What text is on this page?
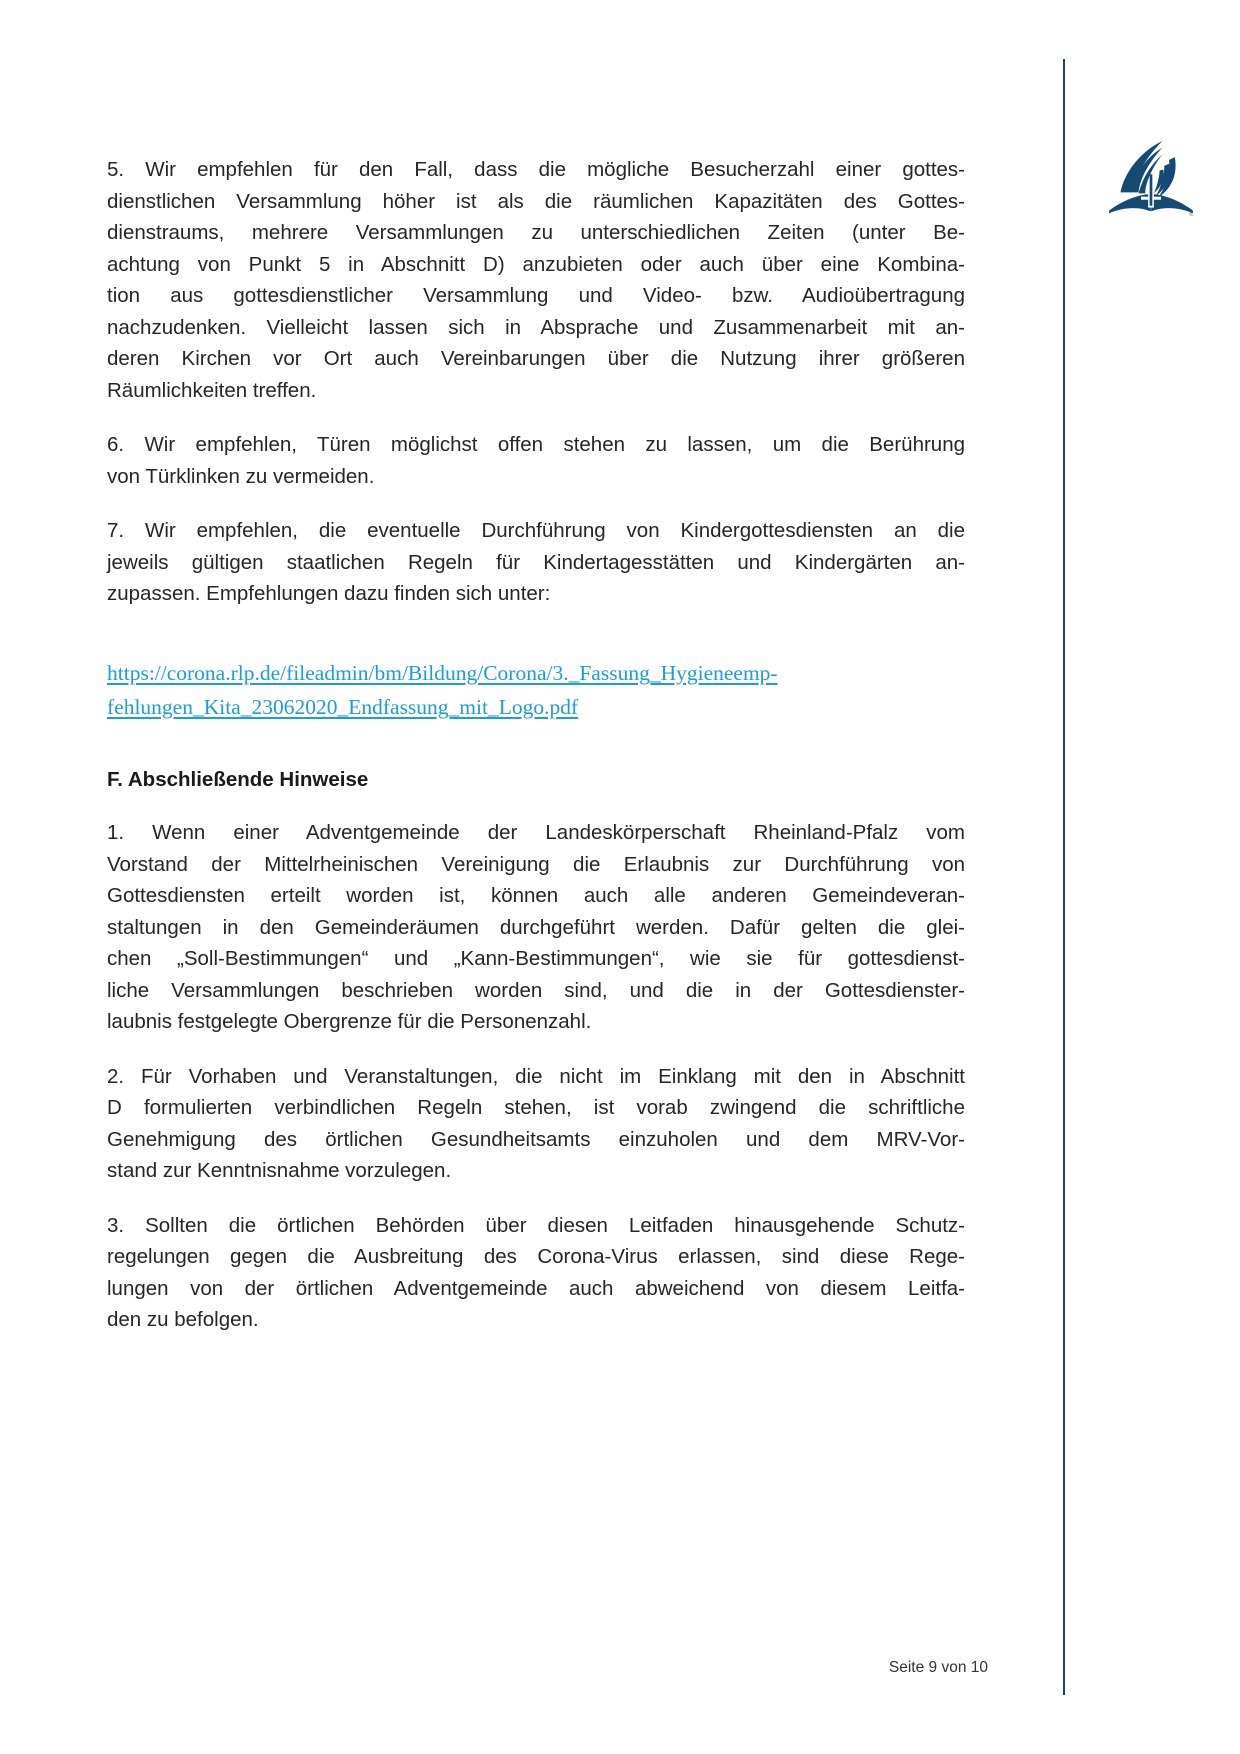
5. Wir empfehlen für den Fall, dass die mögliche Besucherzahl einer gottes-
dienstlichen Versammlung höher ist als die räumlichen Kapazitäten des Gottes-
dienstraums, mehrere Versammlungen zu unterschiedlichen Zeiten (unter Be-
achtung von Punkt 5 in Abschnitt D) anzubieten oder auch über eine Kombina-
tion aus gottesdienstlicher Versammlung und Video- bzw. Audioübertragung
nachzudenken. Vielleicht lassen sich in Absprache und Zusammenarbeit mit an-
deren Kirchen vor Ort auch Vereinbarungen über die Nutzung ihrer größeren
Räumlichkeiten treffen.
6. Wir empfehlen, Türen möglichst offen stehen zu lassen, um die Berührung
von Türklinken zu vermeiden.
7. Wir empfehlen, die eventuelle Durchführung von Kindergottesdiensten an die
jeweils gültigen staatlichen Regeln für Kindertagesstätten und Kindergärten an-
zupassen. Empfehlungen dazu finden sich unter:
https://corona.rlp.de/fileadmin/bm/Bildung/Corona/3._Fassung_Hygieneemp-
fehlungen_Kita_23062020_Endfassung_mit_Logo.pdf
F. Abschließende Hinweise
1. Wenn einer Adventgemeinde der Landeskörperschaft Rheinland-Pfalz vom
Vorstand der Mittelrheinischen Vereinigung die Erlaubnis zur Durchführung von
Gottesdiensten erteilt worden ist, können auch alle anderen Gemeindeveran-
staltungen in den Gemeinderäumen durchgeführt werden. Dafür gelten die glei-
chen „Soll-Bestimmungen“ und „Kann-Bestimmungen“, wie sie für gottesdienst-
liche Versammlungen beschrieben worden sind, und die in der Gottesdienster-
laubnis festgelegte Obergrenze für die Personenzahl.
2. Für Vorhaben und Veranstaltungen, die nicht im Einklang mit den in Abschnitt
D formulierten verbindlichen Regeln stehen, ist vorab zwingend die schriftliche
Genehmigung des örtlichen Gesundheitsamts einzuholen und dem MRV-Vor-
stand zur Kenntnisnahme vorzulegen.
3. Sollten die örtlichen Behörden über diesen Leitfaden hinausgehende Schutz-
regelungen gegen die Ausbreitung des Corona-Virus erlassen, sind diese Rege-
lungen von der örtlichen Adventgemeinde auch abweichend von diesem Leitfa-
den zu befolgen.
®
Seite 9 von 10
